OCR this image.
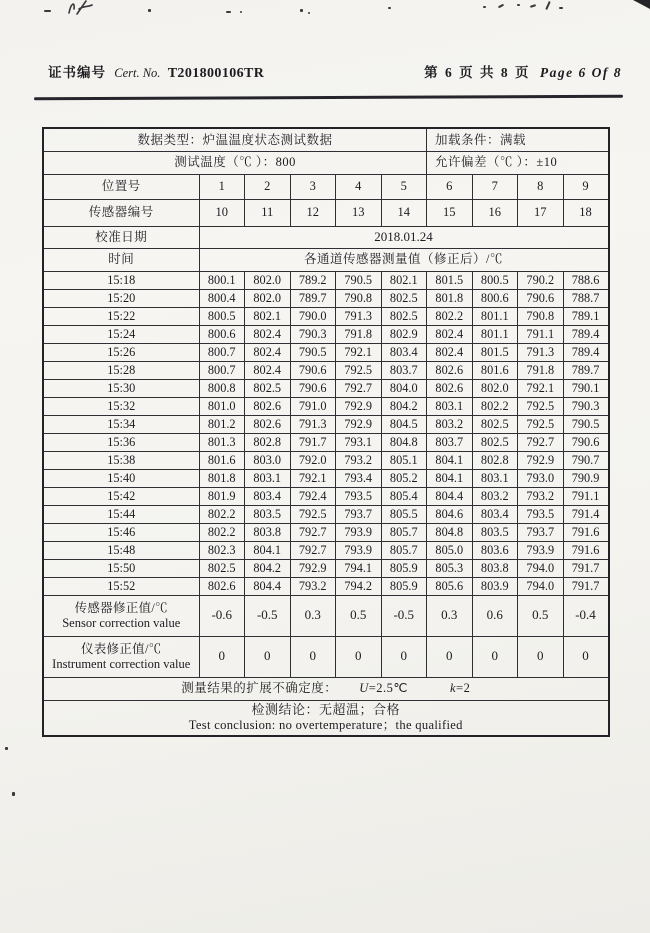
证书编号 Cert. No. T201800106TR	第 6 页 共 8 页 Page 6 Of 8
数据类型：炉温温度状态测试数据						加载条件：满载			
测试温度（℃ ）：800						允许偏差（℃ ）：±10			
位置号	1	2	3	4	5	6	7	8	9
传感器编号	10	11	12	13	14	15	16	17	18
校准日期	2018.01.24								
时间	各通道传感器测量值（修正后）/℃								
15:18	800.1	802.0	789.2	790.5	802.1	801.5	800.5	790.2	788.6
15:20	800.4	802.0	789.7	790.8	802.5	801.8	800.6	790.6	788.7
15:22	800.5	802.1	790.0	791.3	802.5	802.2	801.1	790.8	789.1
15:24	800.6	802.4	790.3	791.8	802.9	802.4	801.1	791.1	789.4
15:26	800.7	802.4	790.5	792.1	803.4	802.4	801.5	791.3	789.4
15:28	800.7	802.4	790.6	792.5	803.7	802.6	801.6	791.8	789.7
15:30	800.8	802.5	790.6	792.7	804.0	802.6	802.0	792.1	790.1
15:32	801.0	802.6	791.0	792.9	804.2	803.1	802.2	792.5	790.3
15:34	801.2	802.6	791.3	792.9	804.5	803.2	802.5	792.5	790.5
15:36	801.3	802.8	791.7	793.1	804.8	803.7	802.5	792.7	790.6
15:38	801.6	803.0	792.0	793.2	805.1	804.1	802.8	792.9	790.7
15:40	801.8	803.1	792.1	793.4	805.2	804.1	803.1	793.0	790.9
15:42	801.9	803.4	792.4	793.5	805.4	804.4	803.2	793.2	791.1
15:44	802.2	803.5	792.5	793.7	805.5	804.6	803.4	793.5	791.4
15:46	802.2	803.8	792.7	793.9	805.7	804.8	803.5	793.7	791.6
15:48	802.3	804.1	792.7	793.9	805.7	805.0	803.6	793.9	791.6
15:50	802.5	804.2	792.9	794.1	805.9	805.3	803.8	794.0	791.7
15:52	802.6	804.4	793.2	794.2	805.9	805.6	803.9	794.0	791.7

传感器修正值/℃
Sensor correction value	-0.6	-0.5	0.3	0.5	-0.5	0.3	0.6	0.5	-0.4

仪表修正值/℃
Instrument correction value	0	0	0	0	0	0	0	0	0
测量结果的扩展不确定度： U=2.5℃ k=2									

检测结论：无超温；合格
Test conclusion: no overtemperature；the qualified									
